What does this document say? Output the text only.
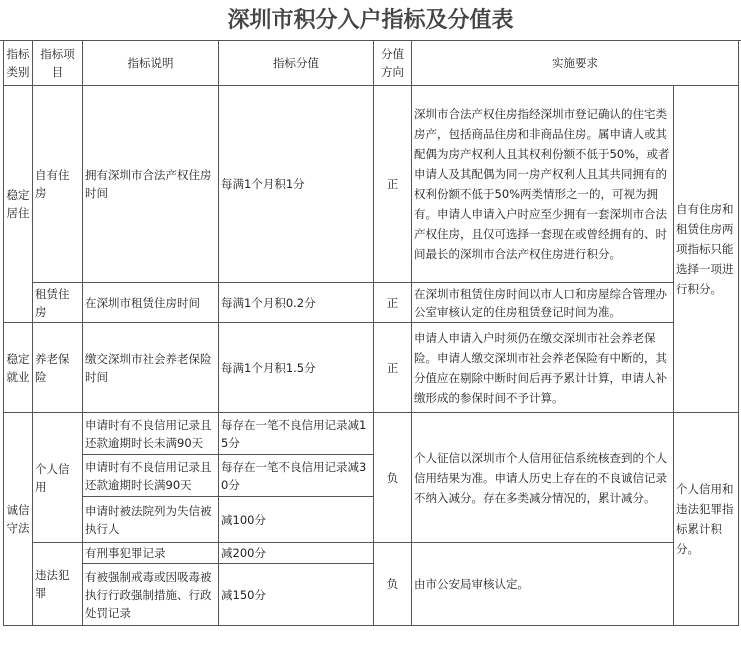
深圳市积分入户指标及分值表
指标类别	指标项目	指标说明	指标分值	分值方向	实施要求	
稳定居住	自有住房	拥有深圳市合法产权住房时间	每满1个月积1分	正	深圳市合法产权住房指经深圳市登记确认的住宅类房产，包括商品住房和非商品住房。属申请人或其配偶为房产权利人且其权利份额不低于50%，或者申请人及其配偶为同一房产权利人且其共同拥有的权利份额不低于50%两类情形之一的，可视为拥有。申请人申请入户时应至少拥有一套深圳市合法产权住房，且仅可选择一套现在或曾经拥有的、时间最长的深圳市合法产权住房进行积分。	自有住房和租赁住房两项指标只能选择一项进行积分。
	租赁住房	在深圳市租赁住房时间	每满1个月积0.2分	正	在深圳市租赁住房时间以市人口和房屋综合管理办公室审核认定的住房租赁登记时间为准。	
稳定就业	养老保险	缴交深圳市社会养老保险时间	每满1个月积1.5分	正	申请人申请入户时须仍在缴交深圳市社会养老保险。申请人缴交深圳市社会养老保险有中断的，其分值应在剔除中断时间后再予累计计算，申请人补缴形成的参保时间不予计算。	
诚信守法	个人信用	申请时有不良信用记录且还款逾期时长未满90天	每存在一笔不良信用记录减15分	负	个人征信以深圳市个人信用征信系统核查到的个人信用结果为准。申请人历史上存在的不良诚信记录不纳入减分。存在多类减分情况的，累计减分。	个人信用和违法犯罪指标累计积分。
		申请时有不良信用记录且还款逾期时长满90天	每存在一笔不良信用记录减30分			
		申请时被法院列为失信被执行人	减100分			
	违法犯罪	有刑事犯罪记录	减200分	负	由市公安局审核认定。	
		有被强制戒毒或因吸毒被执行行政强制措施、行政处罚记录	减150分			
